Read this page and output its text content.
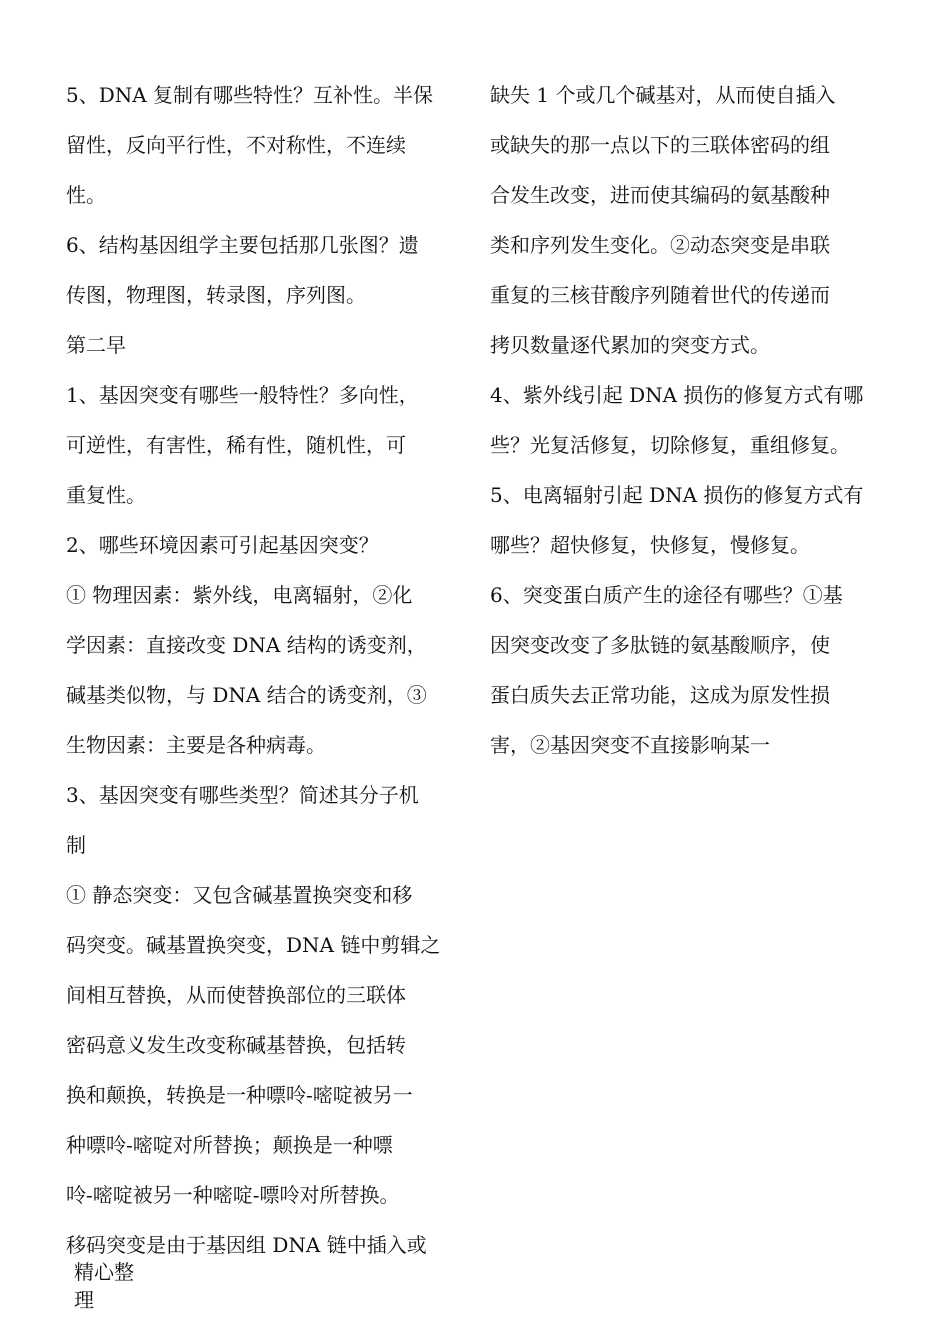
5、DNA 复制有哪些特性？互补性。半保
留性，反向平行性，不对称性，不连续
性。
6、结构基因组学主要包括那几张图？遗
传图，物理图，转录图，序列图。
第二早
1、基因突变有哪些一般特性？多向性，
可逆性，有害性，稀有性，随机性，可
重复性。
2、哪些环境因素可引起基因突变？
① 物理因素：紫外线，电离辐射，②化
学因素：直接改变 DNA 结构的诱变剂，
碱基类似物，与 DNA 结合的诱变剂，③
生物因素：主要是各种病毒。
3、基因突变有哪些类型？简述其分子机
制
① 静态突变：又包含碱基置换突变和移
码突变。碱基置换突变，DNA 链中剪辑之
间相互替换，从而使替换部位的三联体
密码意义发生改变称碱基替换，包括转
换和颠换，转换是一种嘌呤-嘧啶被另一
种嘌呤-嘧啶对所替换；颠换是一种嘌
呤-嘧啶被另一种嘧啶-嘌呤对所替换。
移码突变是由于基因组 DNA 链中插入或
缺失 1 个或几个碱基对，从而使自插入
或缺失的那一点以下的三联体密码的组
合发生改变，进而使其编码的氨基酸种
类和序列发生变化。②动态突变是串联
重复的三核苷酸序列随着世代的传递而
拷贝数量逐代累加的突变方式。
4、紫外线引起 DNA 损伤的修复方式有哪
些？光复活修复，切除修复，重组修复。
5、电离辐射引起 DNA 损伤的修复方式有
哪些？超快修复，快修复，慢修复。
6、突变蛋白质产生的途径有哪些？①基
因突变改变了多肽链的氨基酸顺序，使
蛋白质失去正常功能，这成为原发性损
害，②基因突变不直接影响某一
精心整
理
